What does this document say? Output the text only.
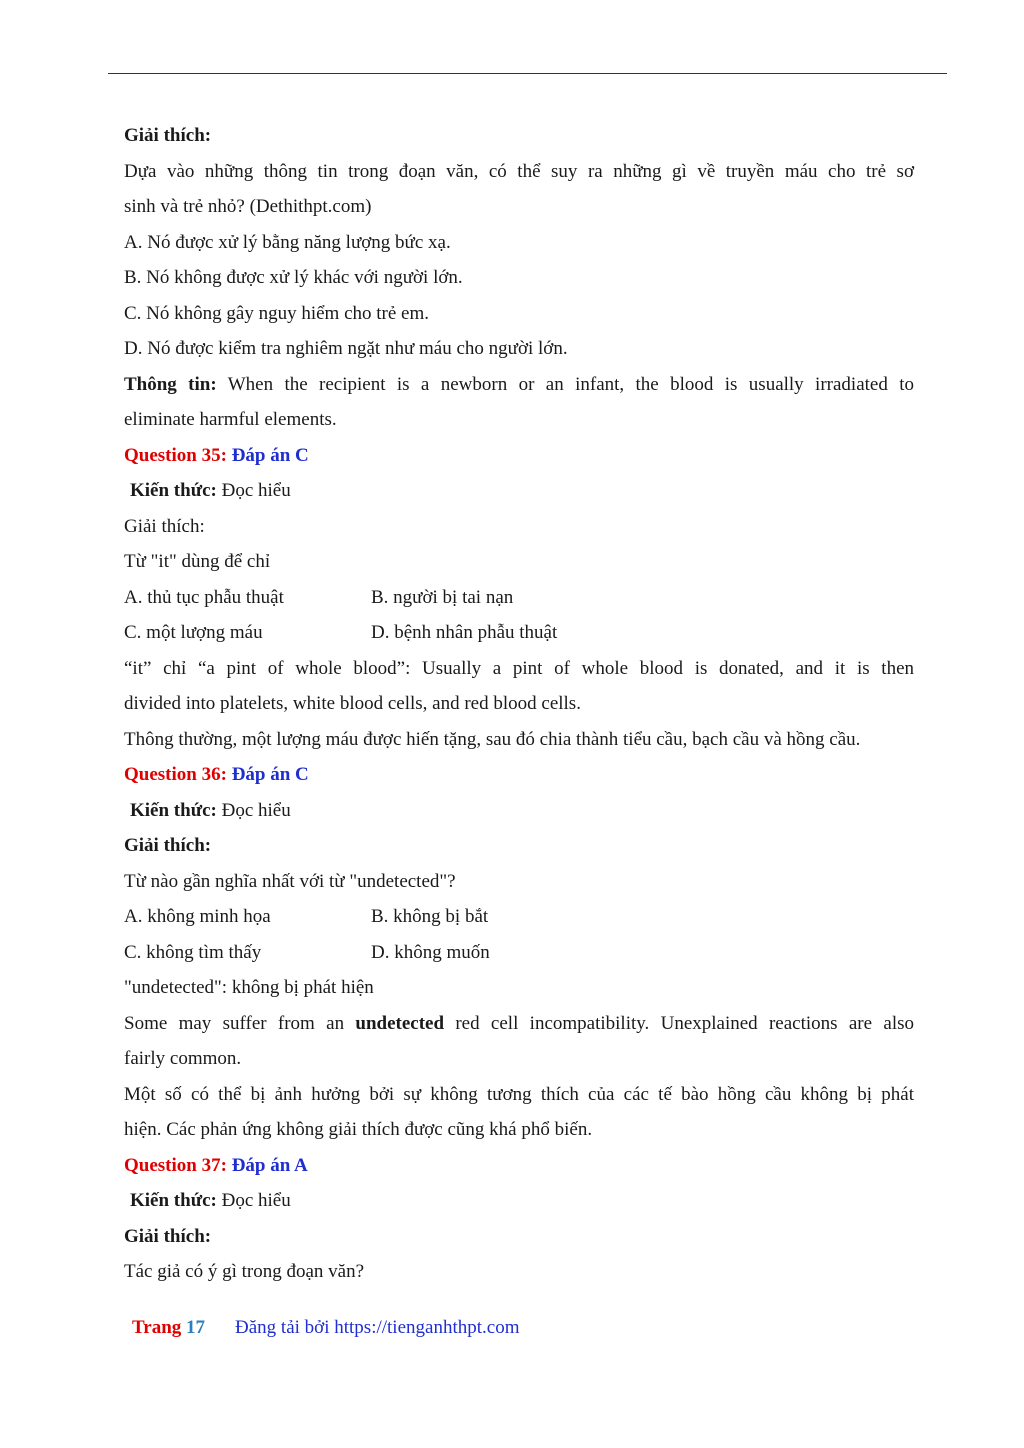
Giải thích:
Dựa vào những thông tin trong đoạn văn, có thể suy ra những gì về truyền máu cho trẻ sơ
sinh và trẻ nhỏ? (Dethithpt.com)
A. Nó được xử lý bằng năng lượng bức xạ.
B. Nó không được xử lý khác với người lớn.
C. Nó không gây nguy hiểm cho trẻ em.
D. Nó được kiểm tra nghiêm ngặt như máu cho người lớn.
Thông tin: When the recipient is a newborn or an infant, the blood is usually irradiated to
eliminate harmful elements.
Question 35: Đáp án C
Kiến thức: Đọc hiểu
Giải thích:
Từ "it" dùng để chỉ
A. thủ tục phẫu thuật	B. người bị tai nạn
C. một lượng máu	D. bệnh nhân phẫu thuật
“it” chỉ “a pint of whole blood”: Usually a pint of whole blood is donated, and it is then
divided into platelets, white blood cells, and red blood cells.
Thông thường, một lượng máu được hiến tặng, sau đó chia thành tiểu cầu, bạch cầu và hồng cầu.
Question 36: Đáp án C
Kiến thức: Đọc hiểu
Giải thích:
Từ nào gần nghĩa nhất với từ "undetected"?
A. không minh họa	B. không bị bắt
C. không tìm thấy	D. không muốn
"undetected": không bị phát hiện
Some may suffer from an undetected red cell incompatibility. Unexplained reactions are also
fairly common.
Một số có thể bị ảnh hưởng bởi sự không tương thích của các tế bào hồng cầu không bị phát
hiện. Các phản ứng không giải thích được cũng khá phổ biến.
Question 37: Đáp án A
Kiến thức: Đọc hiểu
Giải thích:
Tác giả có ý gì trong đoạn văn?
Trang 17 Đăng tải bởi https://tienganhthpt.com
